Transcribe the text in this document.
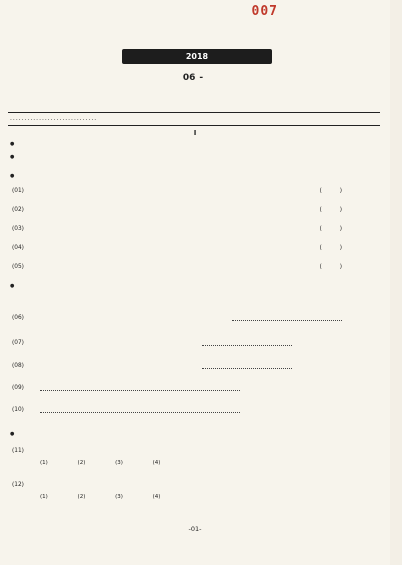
007
2018
06 -
..............................
I
(01)	( )
(02)	( )
(03)	( )
(04)	( )
(05)	( )
(06)
(07)
(08)
(09)
(10)
(11)
(1)	(2)	(3)	(4)
(12)
(1)	(2)	(3)	(4)
-01-
